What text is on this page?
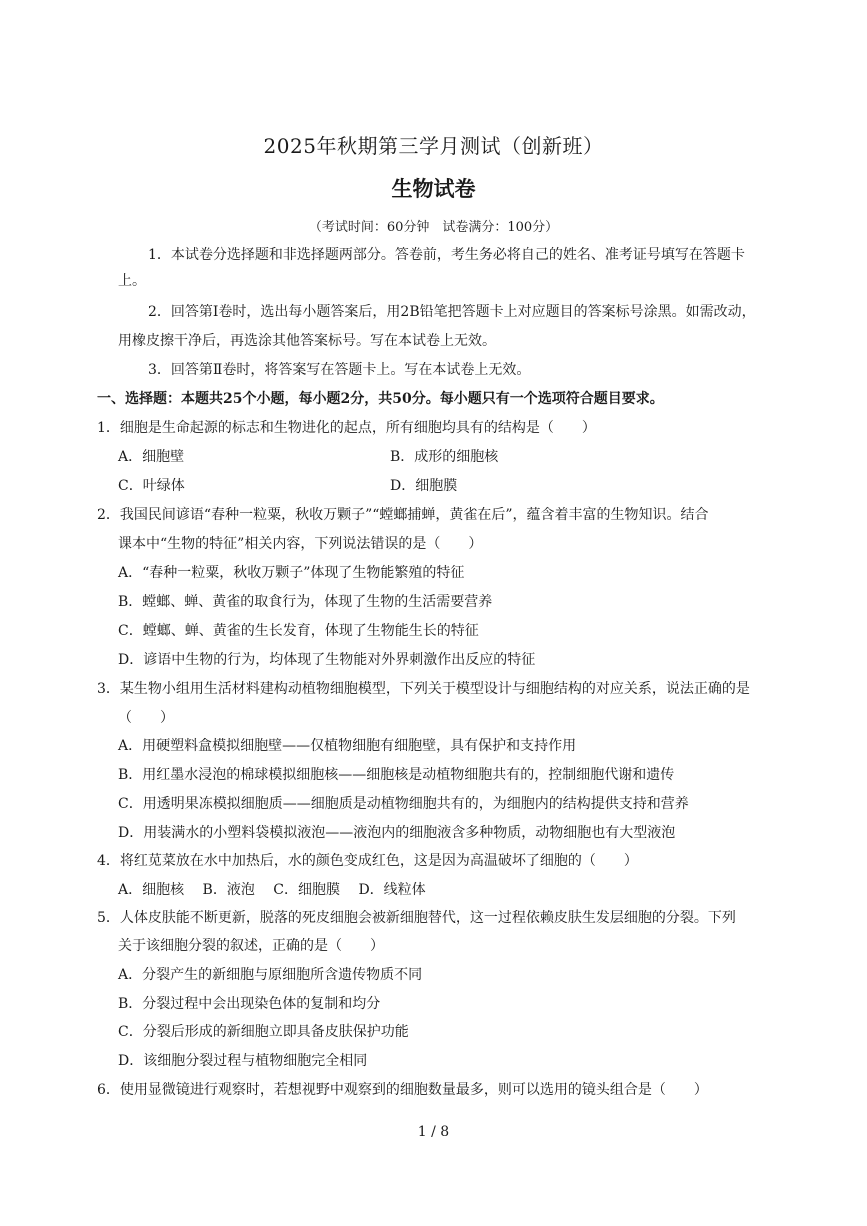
2025年秋期第三学月测试（创新班）
生物试卷
（考试时间：60分钟　试卷满分：100分）
1．本试卷分选择题和非选择题两部分。答卷前，考生务必将自己的姓名、准考证号填写在答题卡
上。
2．回答第Ⅰ卷时，选出每小题答案后，用2B铅笔把答题卡上对应题目的答案标号涂黑。如需改动，
用橡皮擦干净后，再选涂其他答案标号。写在本试卷上无效。
3．回答第Ⅱ卷时，将答案写在答题卡上。写在本试卷上无效。
一、选择题：本题共25个小题，每小题2分，共50分。每小题只有一个选项符合题目要求。
1．细胞是生命起源的标志和生物进化的起点，所有细胞均具有的结构是（　　）
A．细胞壁	B．成形的细胞核
C．叶绿体	D．细胞膜
2．我国民间谚语“春种一粒粟，秋收万颗子”“螳螂捕蝉，黄雀在后”，蕴含着丰富的生物知识。结合
课本中“生物的特征”相关内容，下列说法错误的是（　　）
A．“春种一粒粟，秋收万颗子”体现了生物能繁殖的特征
B．螳螂、蝉、黄雀的取食行为，体现了生物的生活需要营养
C．螳螂、蝉、黄雀的生长发育，体现了生物能生长的特征
D．谚语中生物的行为，均体现了生物能对外界刺激作出反应的特征
3．某生物小组用生活材料建构动植物细胞模型，下列关于模型设计与细胞结构的对应关系，说法正确的是
（　　）
A．用硬塑料盒模拟细胞壁——仅植物细胞有细胞壁，具有保护和支持作用
B．用红墨水浸泡的棉球模拟细胞核——细胞核是动植物细胞共有的，控制细胞代谢和遗传
C．用透明果冻模拟细胞质——细胞质是动植物细胞共有的，为细胞内的结构提供支持和营养
D．用装满水的小塑料袋模拟液泡——液泡内的细胞液含多种物质，动物细胞也有大型液泡
4．将红苋菜放在水中加热后，水的颜色变成红色，这是因为高温破坏了细胞的（　　）
A．细胞核　 B．液泡　 C．细胞膜　 D．线粒体
5．人体皮肤能不断更新，脱落的死皮细胞会被新细胞替代，这一过程依赖皮肤生发层细胞的分裂。下列
关于该细胞分裂的叙述，正确的是（　　）
A．分裂产生的新细胞与原细胞所含遗传物质不同
B．分裂过程中会出现染色体的复制和均分
C．分裂后形成的新细胞立即具备皮肤保护功能
D．该细胞分裂过程与植物细胞完全相同
6．使用显微镜进行观察时，若想视野中观察到的细胞数量最多，则可以选用的镜头组合是（　　）
1 / 8
